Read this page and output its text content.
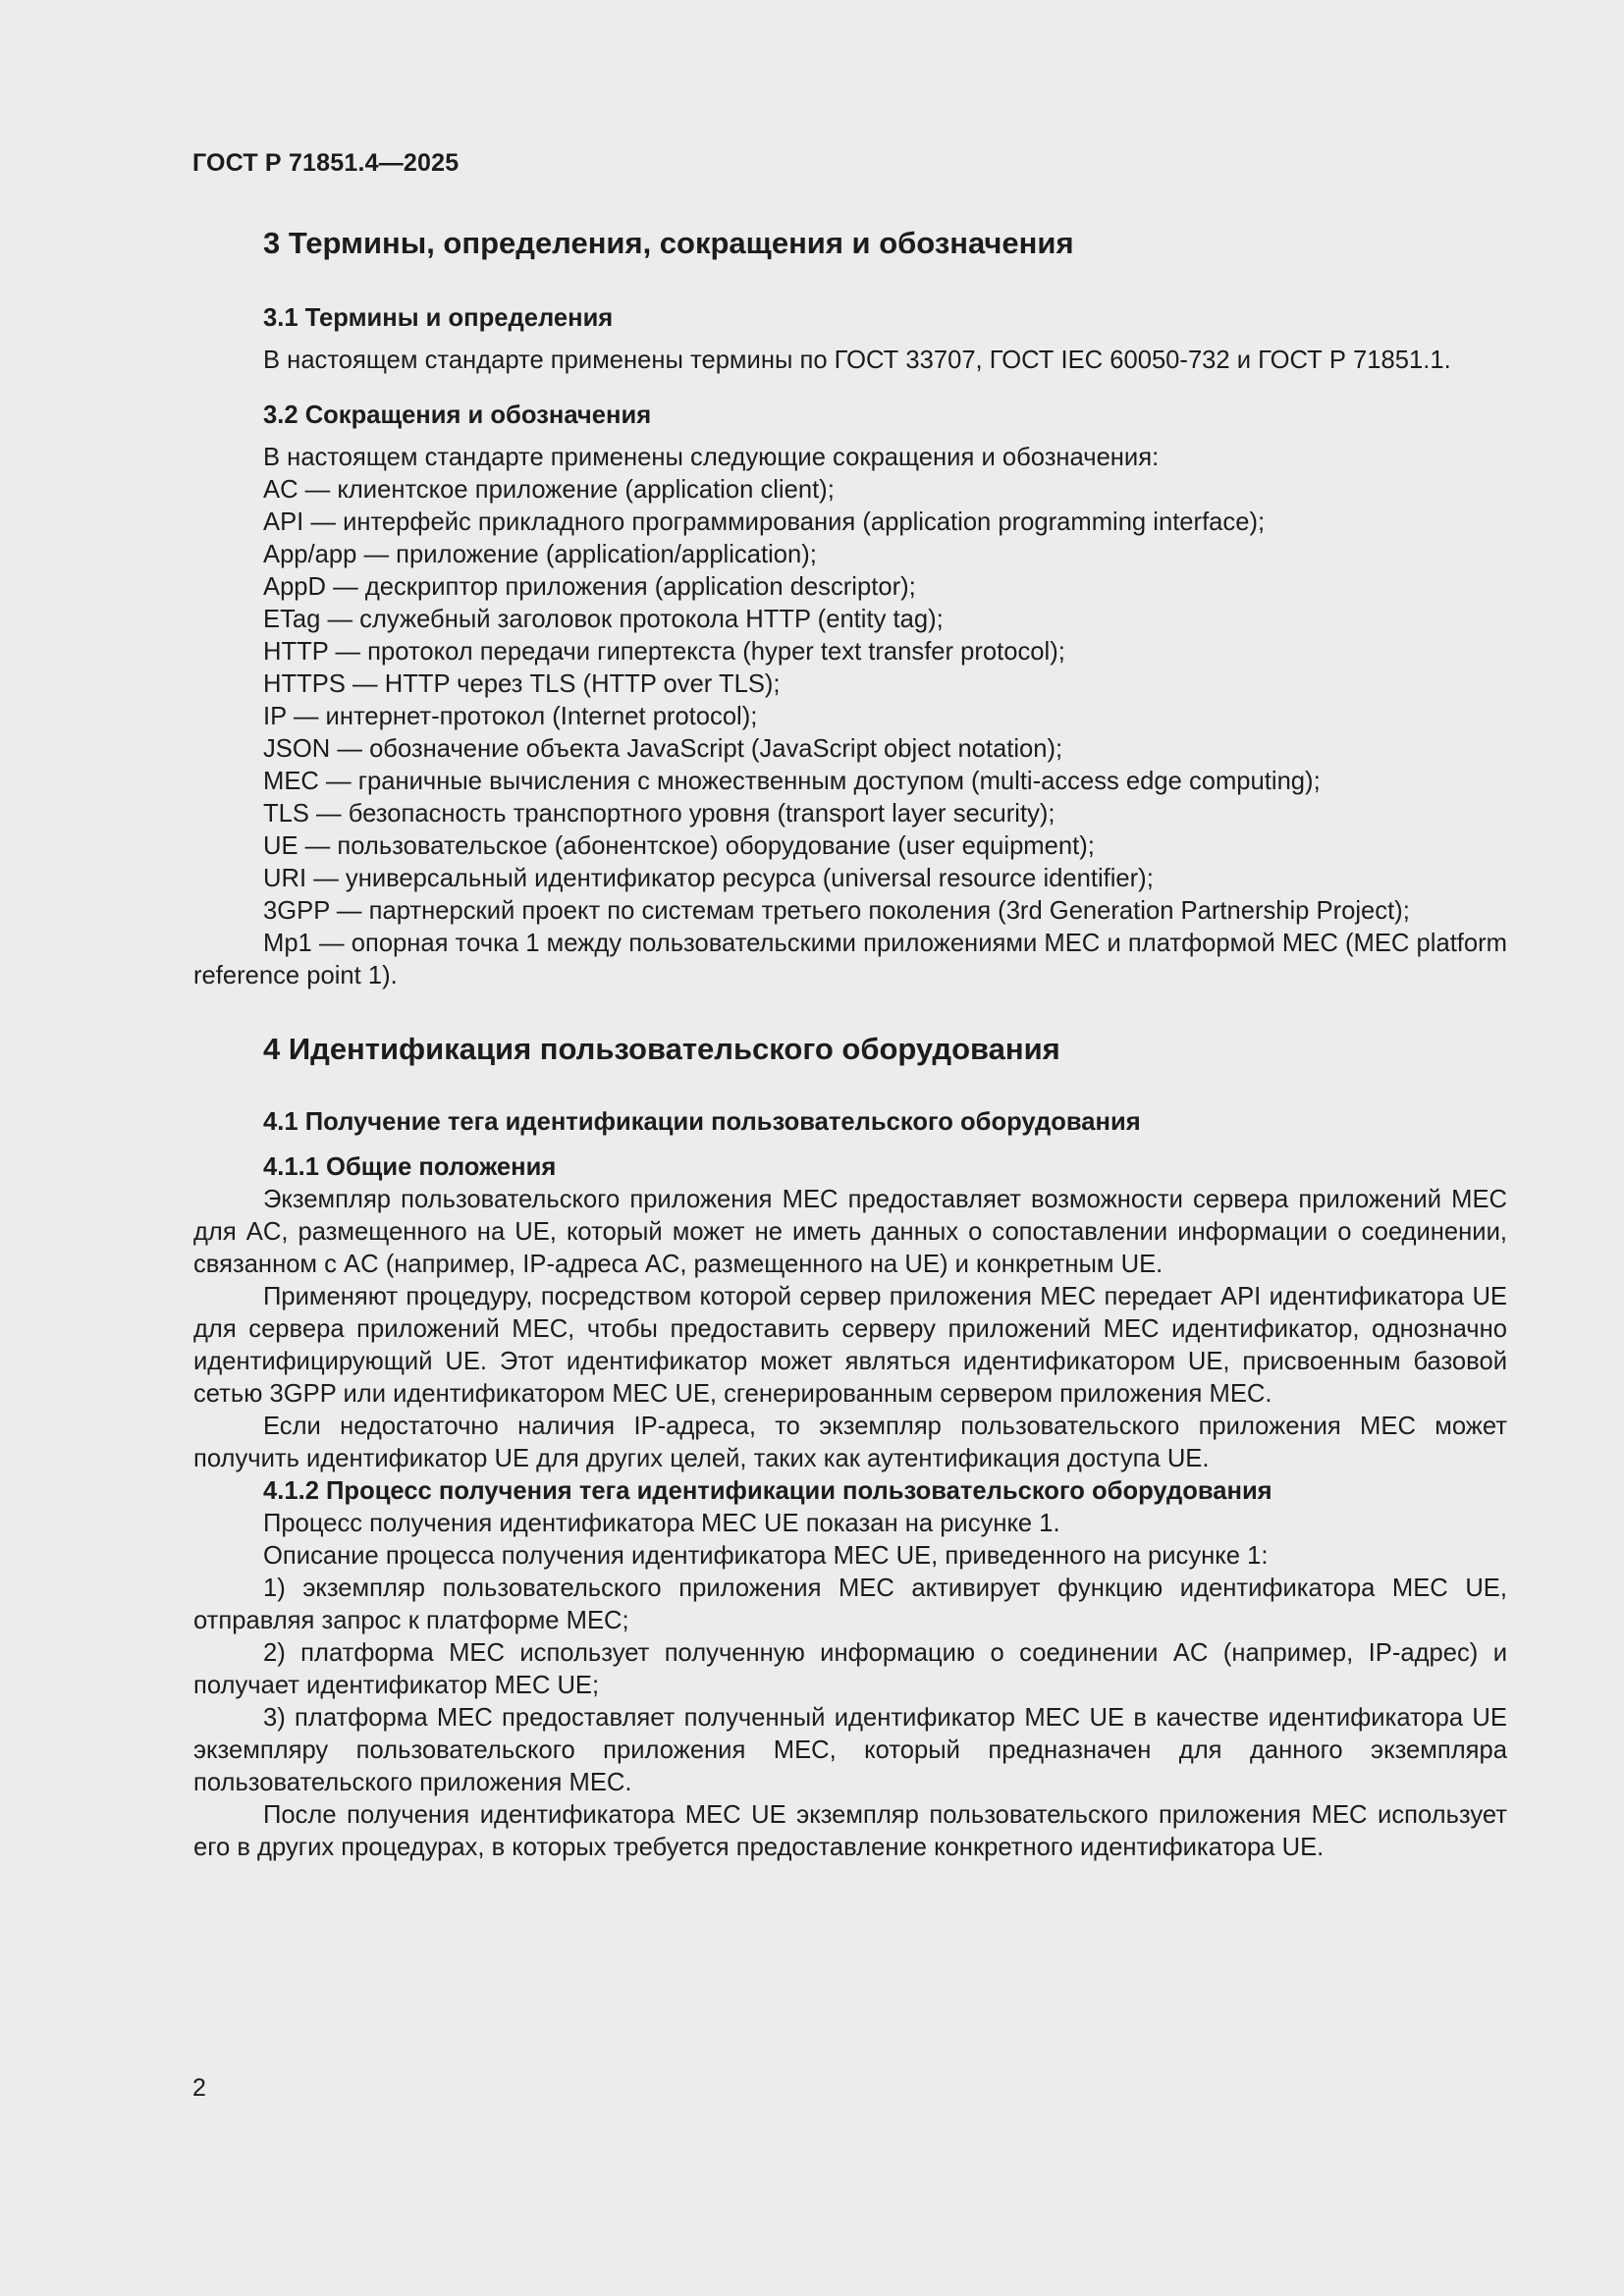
ГОСТ Р 71851.4—2025
3 Термины, определения, сокращения и обозначения
3.1 Термины и определения
В настоящем стандарте применены термины по ГОСТ 33707, ГОСТ IEC 60050-732 и ГОСТ Р 71851.1.
3.2 Сокращения и обозначения
В настоящем стандарте применены следующие сокращения и обозначения:
AC — клиентское приложение (application client);
API — интерфейс прикладного программирования (application programming interface);
App/app — приложение (application/application);
AppD — дескриптор приложения (application descriptor);
ETag — служебный заголовок протокола HTTP (entity tag);
HTTP — протокол передачи гипертекста (hyper text transfer protocol);
HTTPS — HTTP через TLS (HTTP over TLS);
IP — интернет-протокол (Internet protocol);
JSON — обозначение объекта JavaScript (JavaScript object notation);
MEC — граничные вычисления с множественным доступом (multi-access edge computing);
TLS — безопасность транспортного уровня (transport layer security);
UE — пользовательское (абонентское) оборудование (user equipment);
URI — универсальный идентификатор ресурса (universal resource identifier);
3GPP — партнерский проект по системам третьего поколения (3rd Generation Partnership Project);
Mp1 — опорная точка 1 между пользовательскими приложениями MEC и платформой MEC (MEC platform reference point 1).
4 Идентификация пользовательского оборудования
4.1 Получение тега идентификации пользовательского оборудования
4.1.1 Общие положения
Экземпляр пользовательского приложения MEC предоставляет возможности сервера приложений MEC для AC, размещенного на UE, который может не иметь данных о сопоставлении информации о соединении, связанном с AC (например, IP-адреса AC, размещенного на UE) и конкретным UE.
Применяют процедуру, посредством которой сервер приложения MEC передает API идентификатора UE для сервера приложений MEC, чтобы предоставить серверу приложений MEC идентификатор, однозначно идентифицирующий UE. Этот идентификатор может являться идентификатором UE, присвоенным базовой сетью 3GPP или идентификатором MEC UE, сгенерированным сервером приложения MEC.
Если недостаточно наличия IP-адреса, то экземпляр пользовательского приложения MEC может получить идентификатор UE для других целей, таких как аутентификация доступа UE.
4.1.2 Процесс получения тега идентификации пользовательского оборудования
Процесс получения идентификатора MEC UE показан на рисунке 1.
Описание процесса получения идентификатора MEC UE, приведенного на рисунке 1:
1) экземпляр пользовательского приложения MEC активирует функцию идентификатора MEC UE, отправляя запрос к платформе MEC;
2) платформа MEC использует полученную информацию о соединении AC (например, IP-адрес) и получает идентификатор MEC UE;
3) платформа MEC предоставляет полученный идентификатор MEC UE в качестве идентификатора UE экземпляру пользовательского приложения MEC, который предназначен для данного экземпляра пользовательского приложения MEC.
После получения идентификатора MEC UE экземпляр пользовательского приложения MEC использует его в других процедурах, в которых требуется предоставление конкретного идентификатора UE.
2
